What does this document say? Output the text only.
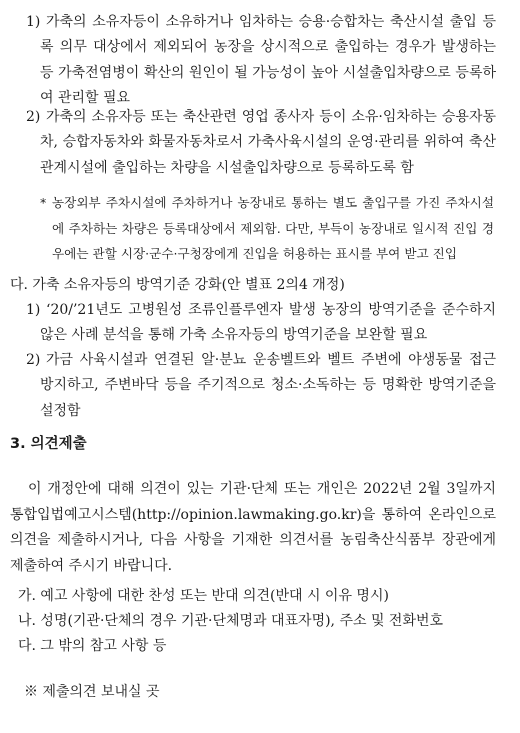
1) 가축의 소유자등이 소유하거나 임차하는 승용·승합차는 축산시설 출입 등록 의무 대상에서 제외되어 농장을 상시적으로 출입하는 경우가 발생하는 등 가축전염병이 확산의 원인이 될 가능성이 높아 시설출입차량으로 등록하여 관리할 필요
2) 가축의 소유자등 또는 축산관련 영업 종사자 등이 소유·임차하는 승용자동차, 승합자동차와 화물자동차로서 가축사육시설의 운영·관리를 위하여 축산관계시설에 출입하는 차량을 시설출입차량으로 등록하도록 함
* 농장외부 주차시설에 주차하거나 농장내로 통하는 별도 출입구를 가진 주차시설에 주차하는 차량은 등록대상에서 제외함. 다만, 부득이 농장내로 일시적 진입 경우에는 관할 시장·군수·구청장에게 진입을 허용하는 표시를 부여 받고 진입
다. 가축 소유자등의 방역기준 강화(안 별표 2의4 개정)
1) ‘20/’21년도 고병원성 조류인플루엔자 발생 농장의 방역기준을 준수하지 않은 사례 분석을 통해 가축 소유자등의 방역기준을 보완할 필요
2) 가금 사육시설과 연결된 알·분뇨 운송벨트와 벨트 주변에 야생동물 접근 방지하고, 주변바닥 등을 주기적으로 청소·소독하는 등 명확한 방역기준을 설정함
3. 의견제출
이 개정안에 대해 의견이 있는 기관·단체 또는 개인은 2022년 2월 3일까지 통합입법예고시스템(http://opinion.lawmaking.go.kr)을 통하여 온라인으로 의견을 제출하시거나, 다음 사항을 기재한 의견서를 농림축산식품부 장관에게 제출하여 주시기 바랍니다.
가. 예고 사항에 대한 찬성 또는 반대 의견(반대 시 이유 명시)
나. 성명(기관·단체의 경우 기관·단체명과 대표자명), 주소 및 전화번호
다. 그 밖의 참고 사항 등
※ 제출의견 보내실 곳
